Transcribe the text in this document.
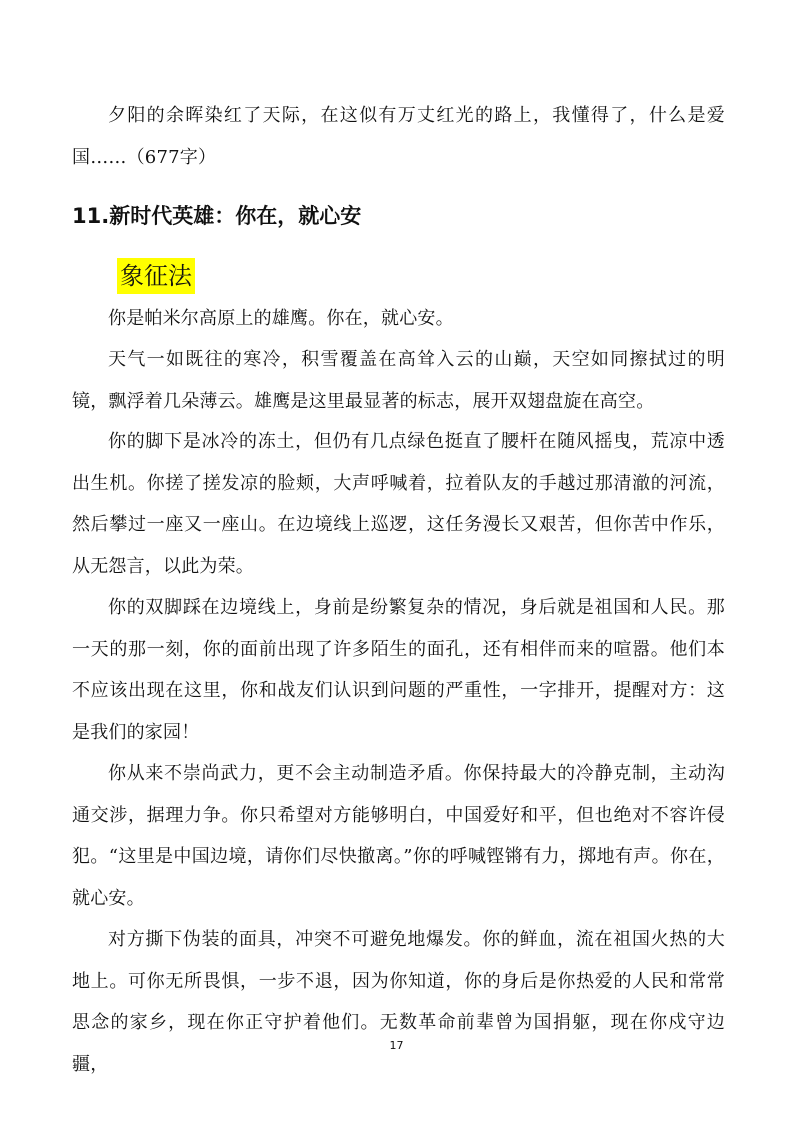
夕阳的余晖染红了天际，在这似有万丈红光的路上，我懂得了，什么是爱国……（677字）

11.新时代英雄：你在，就心安

象征法

你是帕米尔高原上的雄鹰。你在，就心安。

天气一如既往的寒冷，积雪覆盖在高耸入云的山巅，天空如同擦拭过的明镜，飘浮着几朵薄云。雄鹰是这里最显著的标志，展开双翅盘旋在高空。

你的脚下是冰冷的冻土，但仍有几点绿色挺直了腰杆在随风摇曳，荒凉中透出生机。你搓了搓发凉的脸颊，大声呼喊着，拉着队友的手越过那清澈的河流，然后攀过一座又一座山。在边境线上巡逻，这任务漫长又艰苦，但你苦中作乐，从无怨言，以此为荣。

你的双脚踩在边境线上，身前是纷繁复杂的情况，身后就是祖国和人民。那一天的那一刻，你的面前出现了许多陌生的面孔，还有相伴而来的喧嚣。他们本不应该出现在这里，你和战友们认识到问题的严重性，一字排开，提醒对方：这是我们的家园！

你从来不崇尚武力，更不会主动制造矛盾。你保持最大的冷静克制，主动沟通交涉，据理力争。你只希望对方能够明白，中国爱好和平，但也绝对不容许侵犯。“这里是中国边境，请你们尽快撤离。”你的呼喊铿锵有力，掷地有声。你在，就心安。

对方撕下伪装的面具，冲突不可避免地爆发。你的鲜血，流在祖国火热的大地上。可你无所畏惧，一步不退，因为你知道，你的身后是你热爱的人民和常常思念的家乡，现在你正守护着他们。无数革命前辈曾为国捐躯，现在你戍守边疆，

17
